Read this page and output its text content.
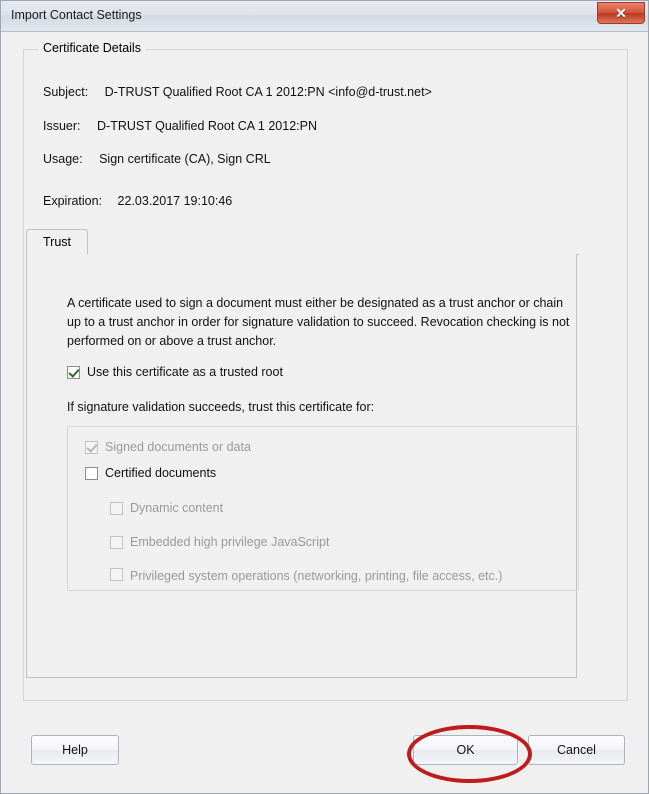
Import Contact Settings	✕
Certificate Details
Subject: D-TRUST Qualified Root CA 1 2012:PN <info@d-trust.net>
Issuer: D-TRUST Qualified Root CA 1 2012:PN
Usage: Sign certificate (CA), Sign CRL
Expiration: 22.03.2017 19:10:46
Trust
A certificate used to sign a document must either be designated as a trust anchor or chain up to a trust anchor in order for signature validation to succeed. Revocation checking is not performed on or above a trust anchor.
Use this certificate as a trusted root
If signature validation succeeds, trust this certificate for:
Signed documents or data
Certified documents
Dynamic content
Embedded high privilege JavaScript
Privileged system operations (networking, printing, file access, etc.)
Help	OK	Cancel
